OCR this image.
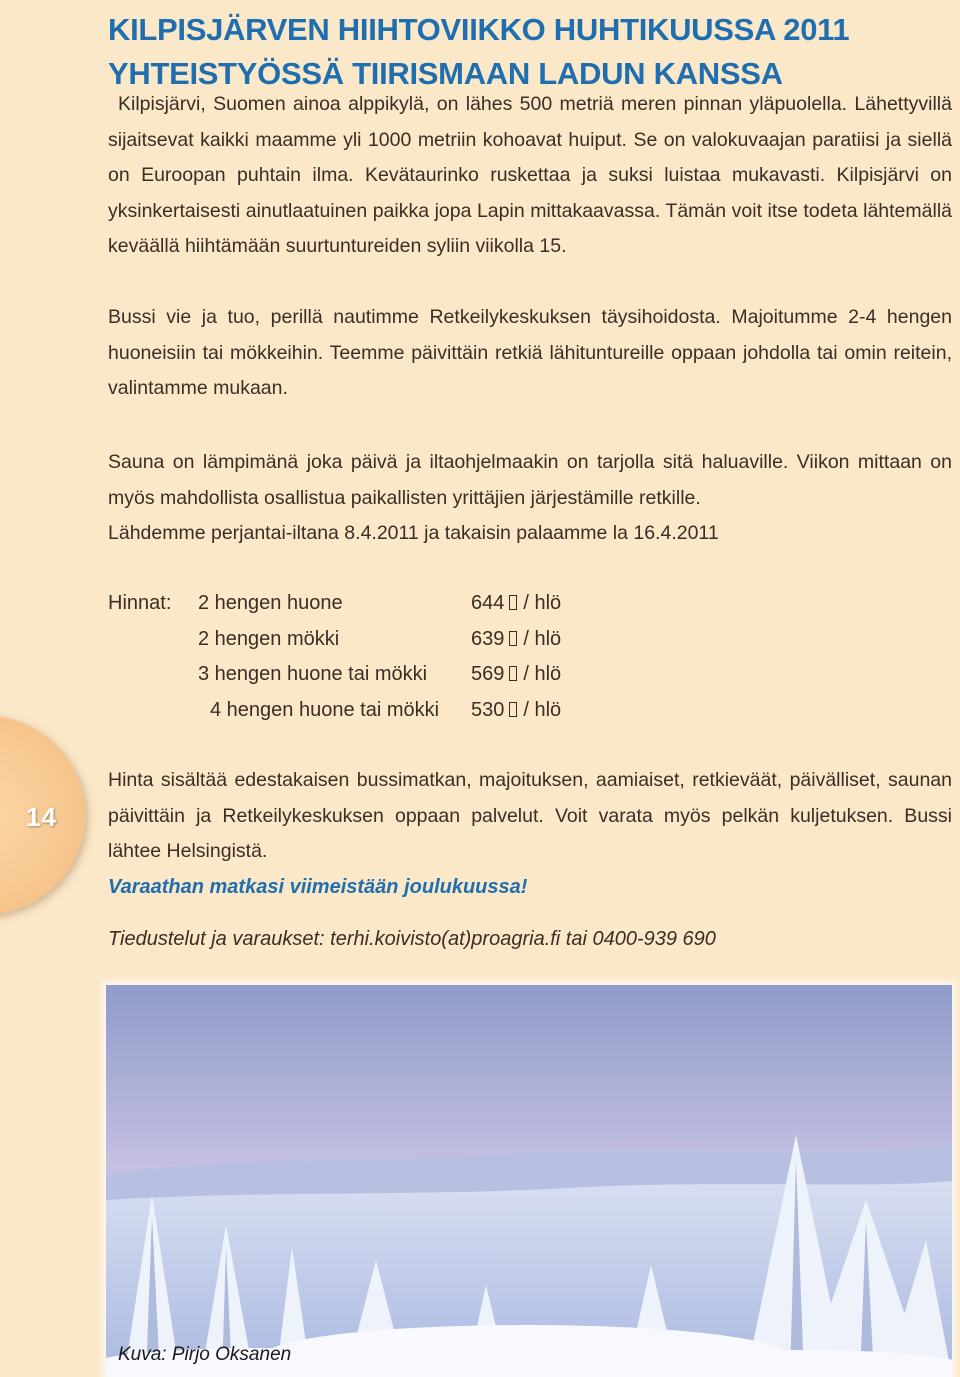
KILPISJÄRVEN HIIHTOVIIKKO HUHTIKUUSSA 2011
YHTEISTYÖSSÄ TIIRISMAAN LADUN KANSSA

Kilpisjärvi, Suomen ainoa alppikylä, on lähes 500 metriä meren pinnan yläpuolella. Lähettyvillä sijaitsevat kaikki maamme yli 1000 metriin kohoavat huiput. Se on valokuvaajan paratiisi ja siellä on Euroopan puhtain ilma. Kevätaurinko ruskettaa ja suksi luistaa mukavasti. Kilpisjärvi on yksinkertaisesti ainutlaatuinen paikka jopa Lapin mittakaavassa. Tämän voit itse todeta lähtemällä keväällä hiihtämään suurtuntureiden syliin viikolla 15.

Bussi vie ja tuo, perillä nautimme Retkeilykeskuksen täysihoidosta. Majoitumme 2-4 hengen huoneisiin tai mökkeihin. Teemme päivittäin retkiä lähituntureille oppaan johdolla tai omin reitein, valintamme mukaan.

Sauna on lämpimänä joka päivä ja iltaohjelmaakin on tarjolla sitä haluaville. Viikon mittaan on myös mahdollista osallistua paikallisten yrittäjien järjestämille retkille.

Lähdemme perjantai-iltana 8.4.2011 ja takaisin palaamme la 16.4.2011

Hinnat: 2 hengen huone	644 / hlö
2 hengen mökki	639 / hlö
3 hengen huone tai mökki 569 / hlö
4 hengen huone tai mökki 530 / hlö
14

Hinta sisältää edestakaisen bussimatkan, majoituksen, aamiaiset, retkieväät, päivälliset, saunan päivittäin ja Retkeilykeskuksen oppaan palvelut. Voit varata myös pelkän kuljetuksen. Bussi lähtee Helsingistä.

Varaathan matkasi viimeistään joulukuussa!
Tiedustelut ja varaukset: terhi.koivisto(at)proagria.fi tai 0400-939 690
Kuva: Pirjo Oksanen
